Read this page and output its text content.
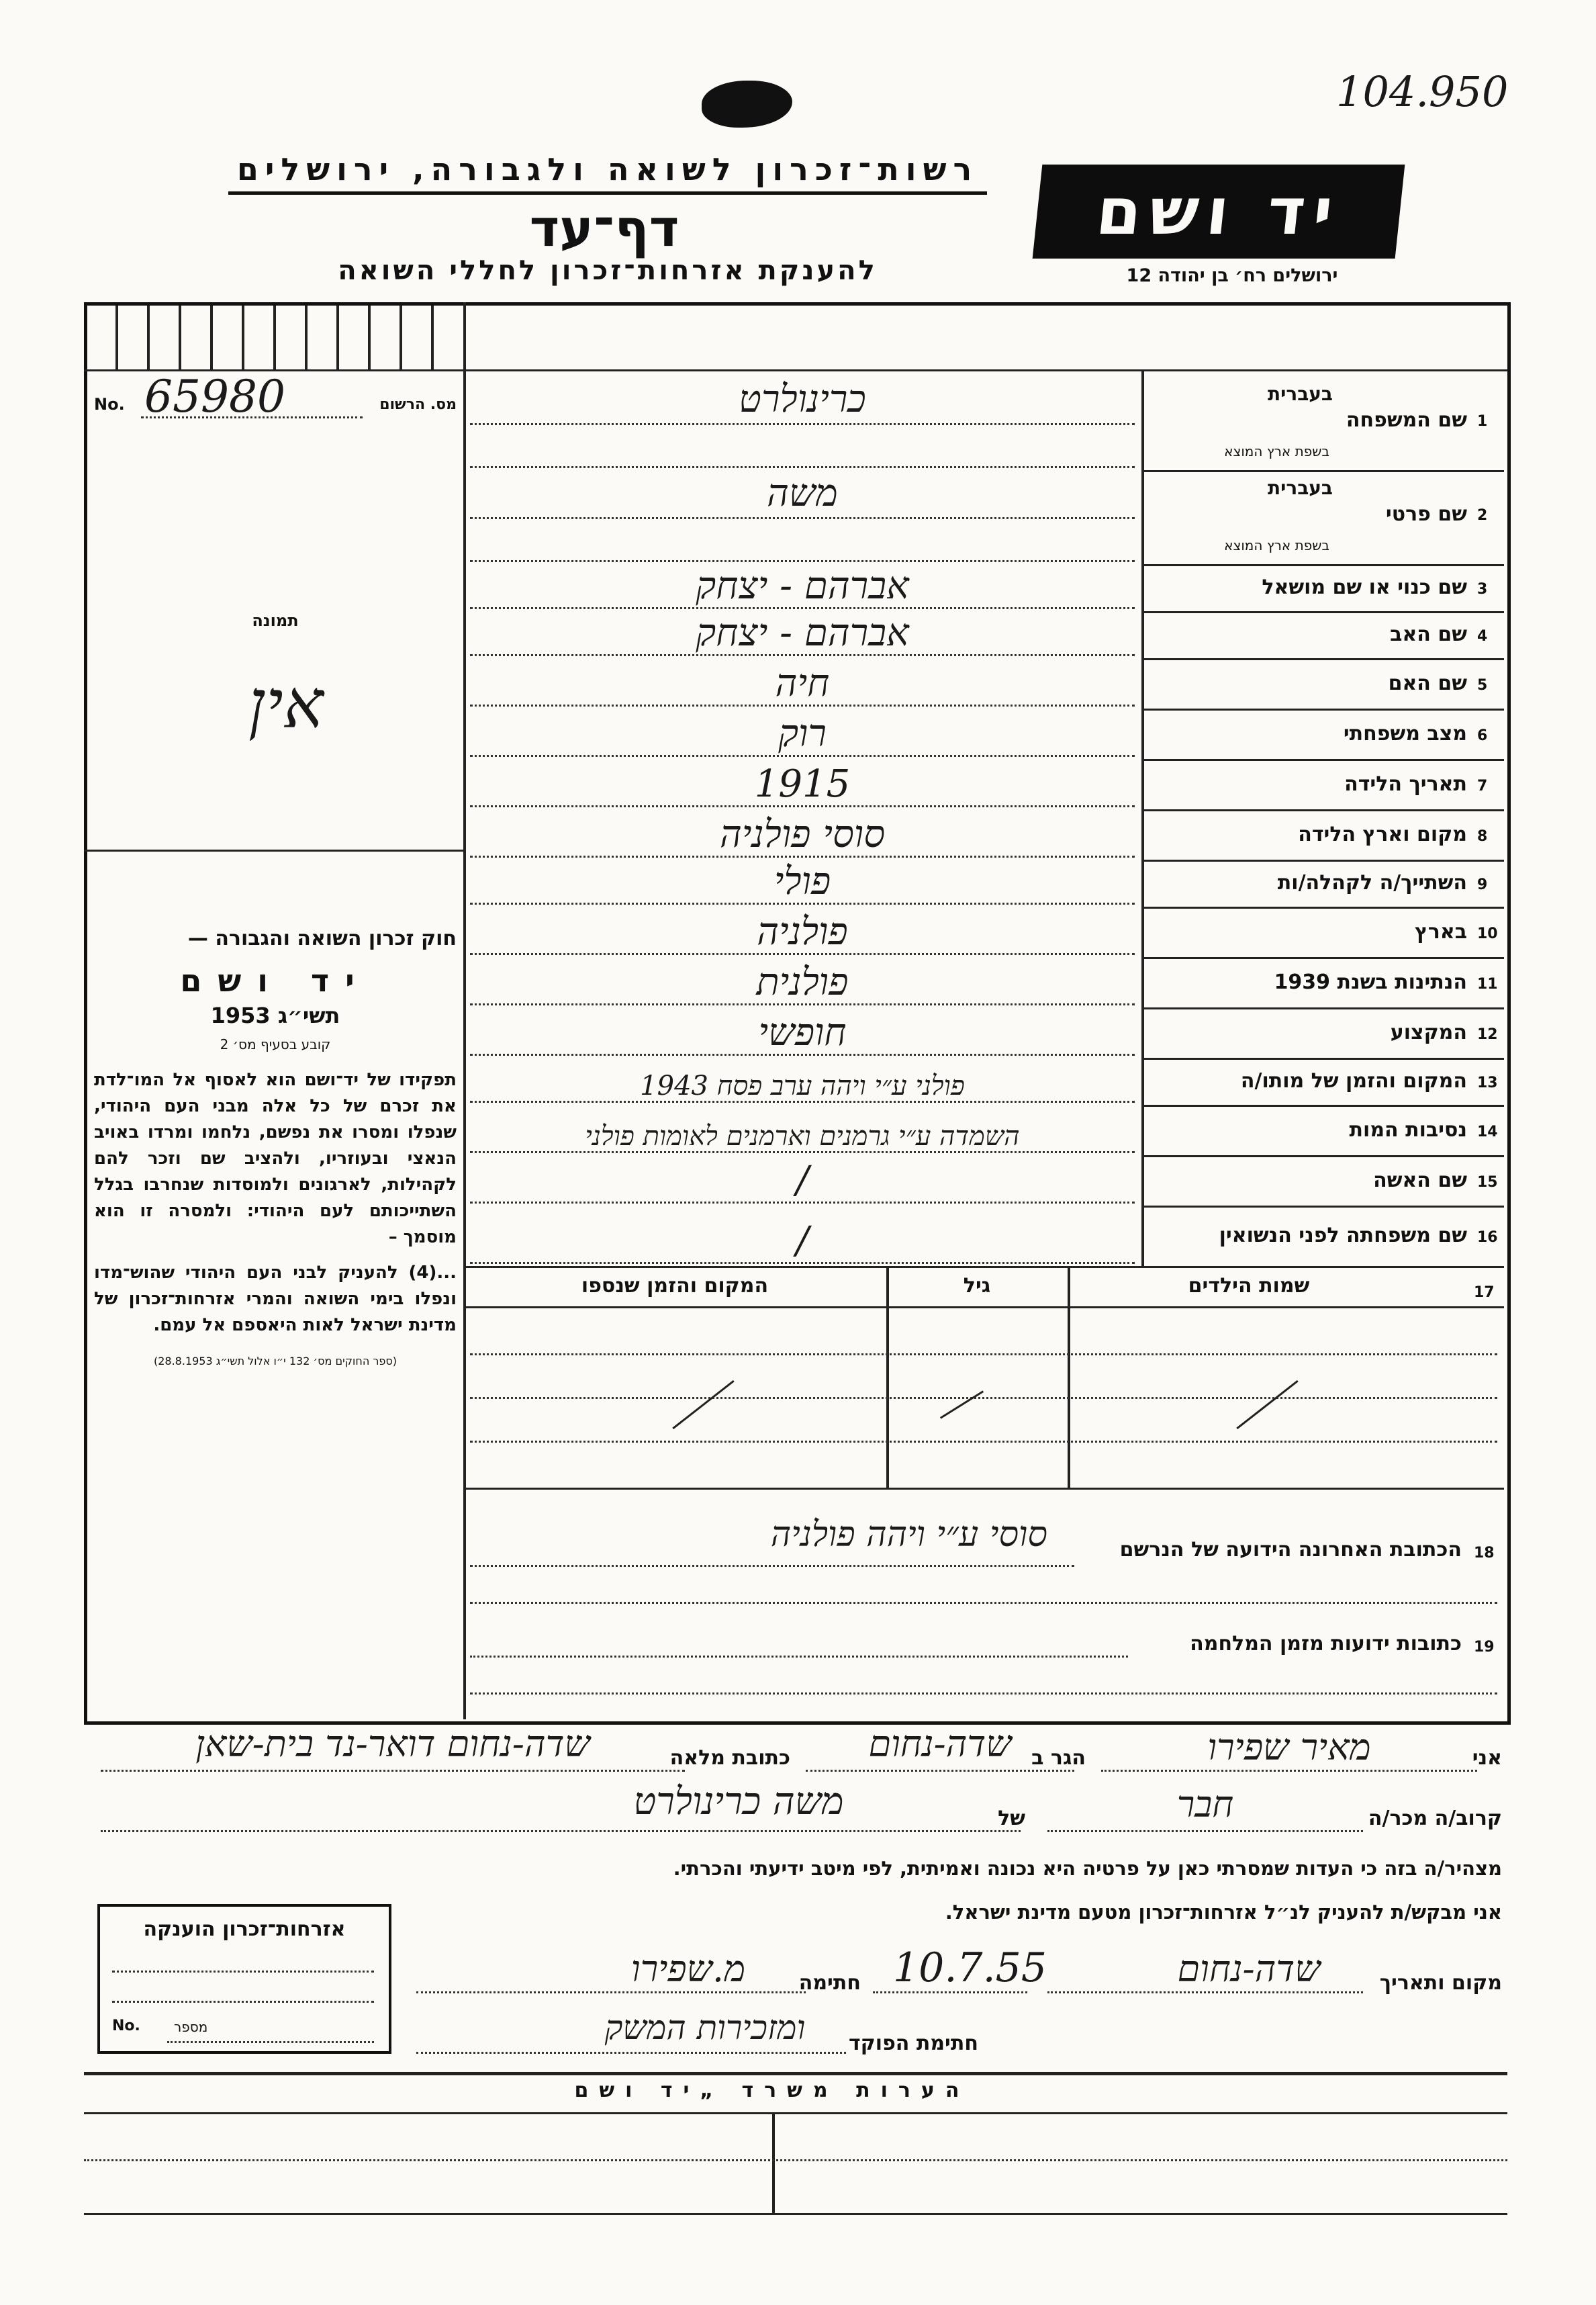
104.950
רשות־זכרון לשואה ולגבורה, ירושלים
דף־עד
להענקת אזרחות־זכרון לחללי השואה
יד ושם
ירושלים רח׳ בן יהודה 12
No. 65980	מס. הרשום
תמונה
אין
חוק זכרון השואה והגבורה —
יד ושם
תשי״ג 1953
קובע בסעיף מס׳ 2
תפקידו של יד־ושם הוא לאסוף אל המו־לדת את זכרם של כל אלה מבני העם היהודי, שנפלו ומסרו את נפשם, נלחמו ומרדו באויב הנאצי ובעוזריו, ולהציב שם וזכר להם לקהילות, לארגונים ולמוסדות שנחרבו בגלל השתייכותם לעם היהודי: ולמסרה זו הוא מוסמך –
...(4) להעניק לבני העם היהודי שהוש־מדו ונפלו בימי השואה והמרי אזרחות־זכרון של מדינת ישראל לאות היאספם אל עמם.
(ספר החוקים מס׳ 132 י״ו אלול תשי״ג 28.8.1953)
1
שם המשפחה
בעברית
בשפת ארץ המוצא
כרינולרט
2
שם פרטי
בעברית
בשפת ארץ המוצא
משה
3
שם כנוי או שם מושאל
אברהם - יצחק
4
שם האב
אברהם - יצחק
5
שם האם
חיה
6
מצב משפחתי
רוק
7
תאריך הלידה
1915
8
מקום וארץ הלידה
סוסי פולניה
9
השתייך/ה לקהלה/ות
פולי
10
בארץ
פולניה
11
הנתינות בשנת 1939
פולנית
12
המקצוע
חופשי
13
המקום והזמן של מותו/ה
פולני ע״י ויהה ערב פסח 1943
14
נסיבות המות
השמדה ע״י גרמנים וארמנים לאומות פולני
15
שם האשה
/
16
שם משפחתה לפני הנשואין
/
17
שמות הילדים
גיל
המקום והזמן שנספו
18
הכתובת האחרונה הידועה של הנרשם
סוסי ע״י ויהה פולניה
19
כתובות ידועות מזמן המלחמה
אני
מאיר שפירו
הגר ב
שדה-נחום
כתובת מלאה
שדה-נחום דואר-נד בית-שאן
קרוב/ה מכר/ה
חבר
של
משה כרינולרט
מצהיר/ה בזה כי העדות שמסרתי כאן על פרטיה היא נכונה ואמיתית, לפי מיטב ידיעתי והכרתי.
אני מבקש/ת להעניק לנ״ל אזרחות־זכרון מטעם מדינת ישראל.
אזרחות־זכרון הוענקה
No.	מספר
מקום ותאריך
שדה-נחום
10.7.55
חתימה
מ.שפירו
חתימת הפוקד
ומזכירות המשק
הערות משרד „יד ושם
